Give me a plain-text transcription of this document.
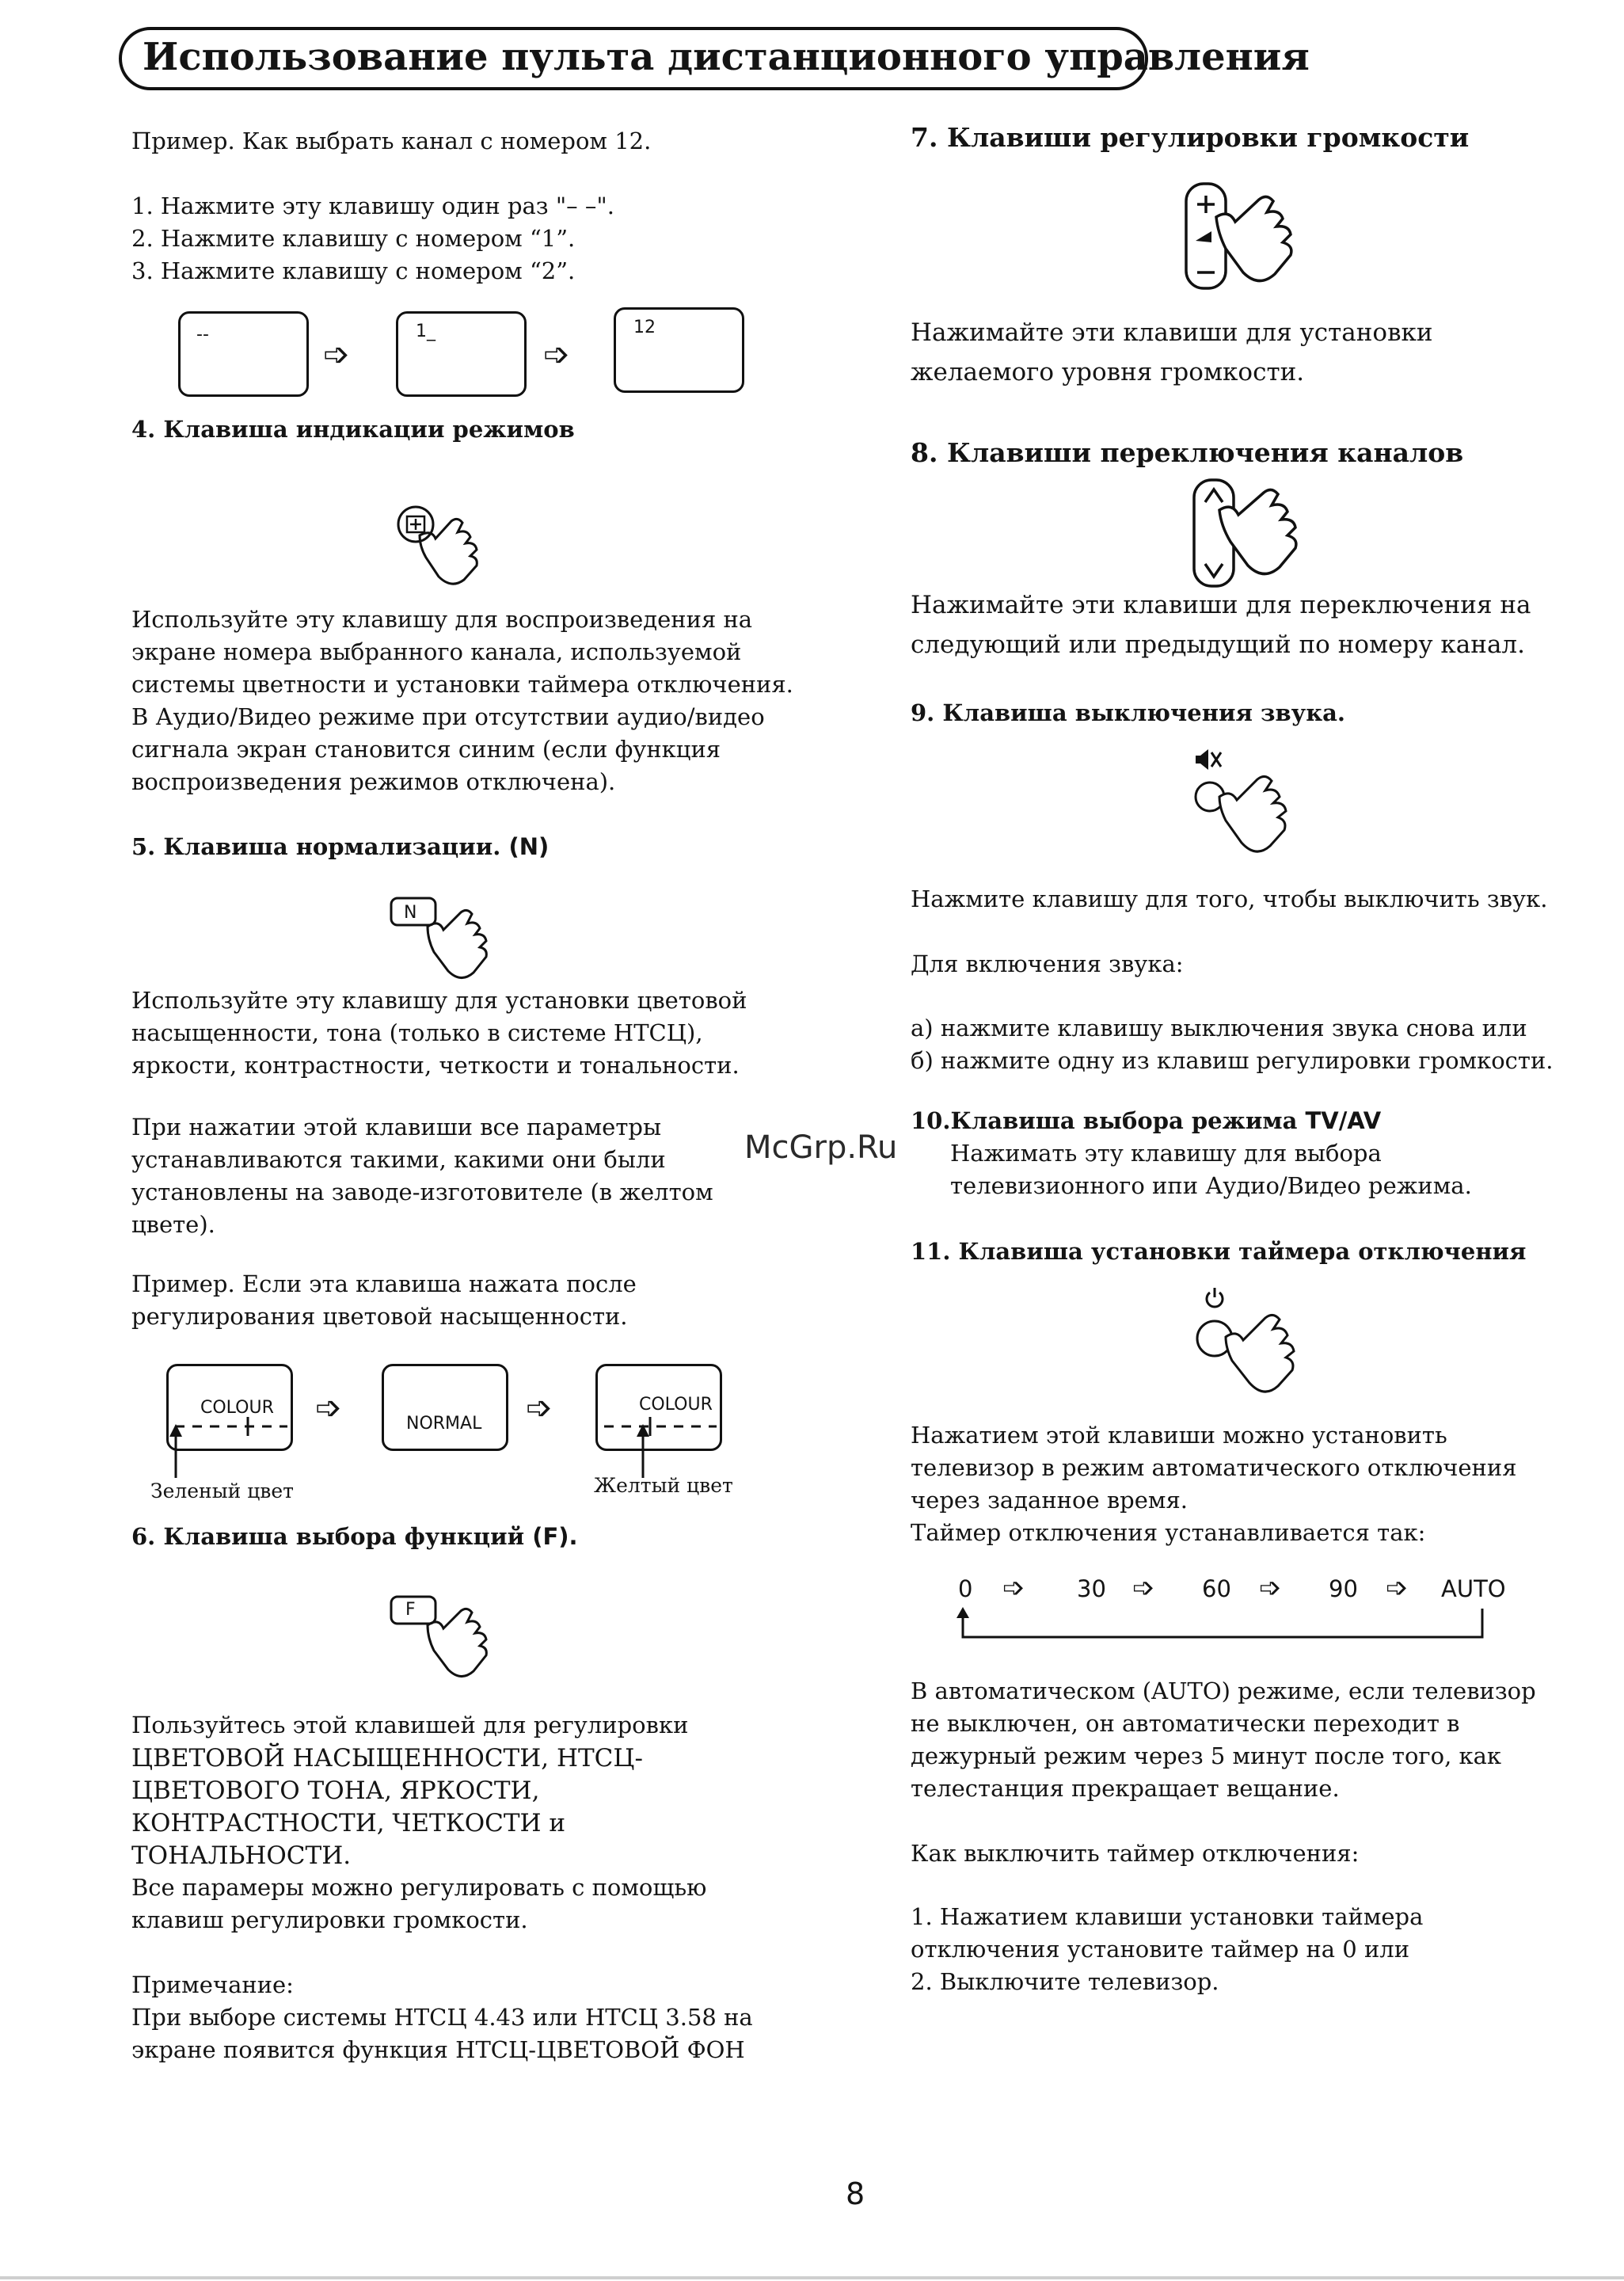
Использование пульта дистанционного управления
Пример. Как выбрать канал с номером 12.
1. Нажмите эту клавишу один раз "– –".
2. Нажмите клавишу с номером “1”.
3. Нажмите клавишу с номером “2”.
--
➩
1_
➩
12
4. Клавиша индикации режимов
Используйте эту клавишу для воспроизведения на
экране номера выбранного канала, используемой
системы цветности и установки таймера отключения.
В Аудио/Видео режиме при отсутствии аудио/видео
сигнала экран становится синим (если функция
воспроизведения режимов отключена).
5. Клавиша нормализации. (N)
N
Используйте эту клавишу для установки цветовой
насыщенности, тона (только в системе НТСЦ),
яркости, контрастности, четкости и тональности.
При нажатии этой клавиши все параметры
устанавливаются такими, какими они были
установлены на заводе-изготовителе (в желтом
цвете).
Пример. Если эта клавиша нажата после
регулирования цветовой насыщенности.
COLOUR
Зеленый цвет
➩	NORMAL ➩	COLOUR
Желтый цвет
6. Клавиша выбора функций (F).
F
Пользуйтесь этой клавишей для регулировки
ЦВЕТОВОЙ НАСЫЩЕННОСТИ, НТСЦ-
ЦВЕТОВОГО ТОНА, ЯРКОСТИ,
КОНТРАСТНОСТИ, ЧЕТКОСТИ и
ТОНАЛЬНОСТИ.
Все парамеры можно регулировать с помощью
клавиш регулировки громкости.
Примечание:
При выборе системы НТСЦ 4.43 или НТСЦ 3.58 на
экране появится функция НТСЦ-ЦВЕТОВОЙ ФОН
7. Клавиши регулировки громкости
Нажимайте эти клавиши для установки
желаемого уровня громкости.
8. Клавиши переключения каналов
Нажимайте эти клавиши для переключения на
следующий или предыдущий по номеру канал.
9. Клавиша выключения звука.
Нажмите клавишу для того, чтобы выключить звук.
Для включения звука:
а) нажмите клавишу выключения звука снова или
б) нажмите одну из клавиш регулировки громкости.
10.Клавиша выбора режима TV/AV
Нажимать эту клавишу для выбора
телевизионного ипи Аудио/Видео режима.
McGrp.Ru
11. Клавиша установки таймера отключения
Нажатием этой клавиши можно установить
телевизор в режим автоматического отключения
через заданное время.
Таймер отключения устанавливается так:
0 ➩ 30 ➩ 60 ➩ 90 ➩ AUTO
В автоматическом (AUTO) режимe, если телевизор
не выключен, он автоматически переходит в
дежурный режим через 5 минут после того, как
телестанция прекращает вещание.
Как выключить таймер отключения:
1. Нажатием клавиши установки таймера
отключения установите таймер на 0 или
2. Выключите телевизор.
8
